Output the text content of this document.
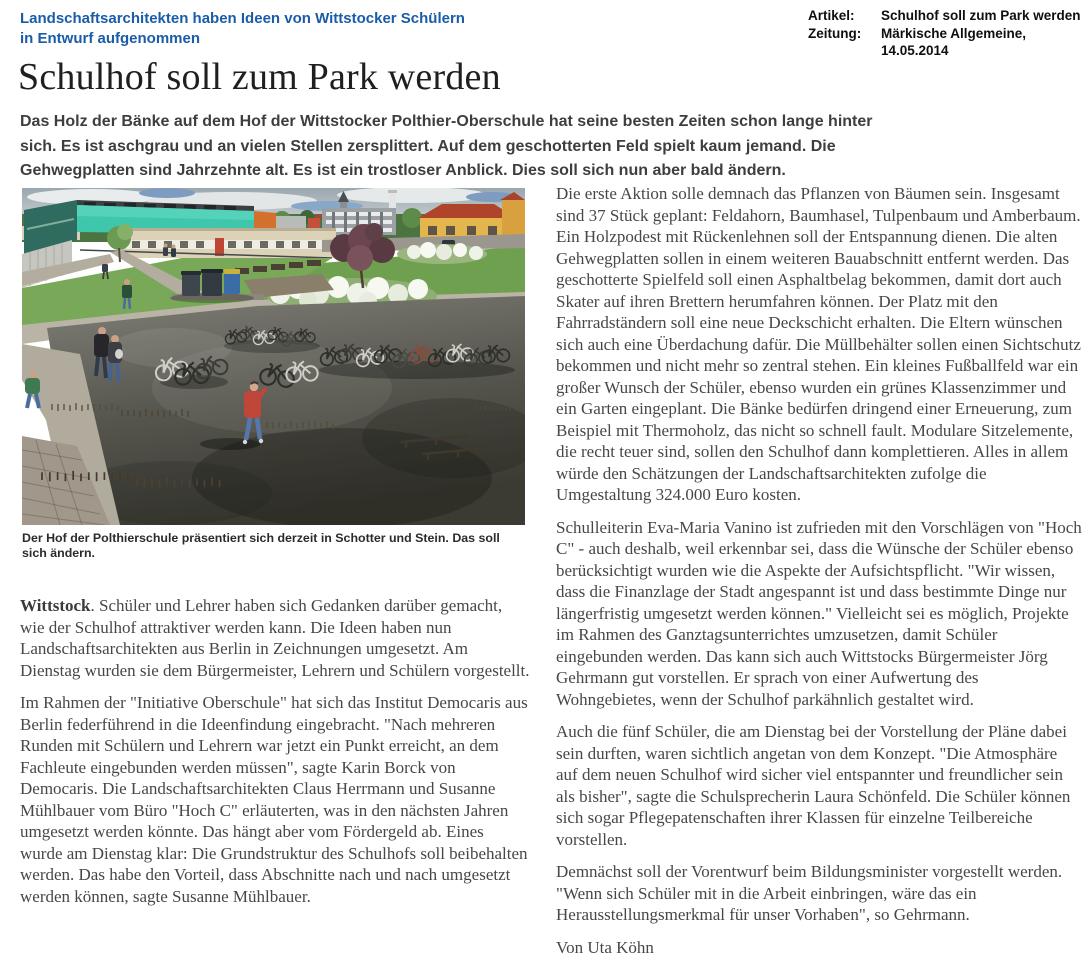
Landschaftsarchitekten haben Ideen von Wittstocker Schülern in Entwurf aufgenommen
Artikel:	Schulhof soll zum Park werden
Zeitung:	Märkische Allgemeine, 14.05.2014
Schulhof soll zum Park werden

Das Holz der Bänke auf dem Hof der Wittstocker Polthier-Oberschule hat seine besten Zeiten schon lange hinter sich. Es ist aschgrau und an vielen Stellen zersplittert. Auf dem geschotterten Feld spielt kaum jemand. Die Gehwegplatten sind Jahrzehnte alt. Es ist ein trostloser Anblick. Dies soll sich nun aber bald ändern.

Der Hof der Polthierschule präsentiert sich derzeit in Schotter und Stein. Das soll sich ändern.

Wittstock. Schüler und Lehrer haben sich Gedanken darüber gemacht, wie der Schulhof attraktiver werden kann. Die Ideen haben nun Landschaftsarchitekten aus Berlin in Zeichnungen umgesetzt. Am Dienstag wurden sie dem Bürgermeister, Lehrern und Schülern vorgestellt.

Im Rahmen der "Initiative Oberschule" hat sich das Institut Democaris aus Berlin federführend in die Ideenfindung eingebracht. "Nach mehreren Runden mit Schülern und Lehrern war jetzt ein Punkt erreicht, an dem Fachleute eingebunden werden müssen", sagte Karin Borck von Democaris. Die Landschaftsarchitekten Claus Herrmann und Susanne Mühlbauer vom Büro "Hoch C" erläuterten, was in den nächsten Jahren umgesetzt werden könnte. Das hängt aber vom Fördergeld ab. Eines wurde am Dienstag klar: Die Grundstruktur des Schulhofs soll beibehalten werden. Das habe den Vorteil, dass Abschnitte nach und nach umgesetzt werden können, sagte Susanne Mühlbauer.

Die erste Aktion solle demnach das Pflanzen von Bäumen sein. Insgesamt sind 37 Stück geplant: Feldahorn, Baumhasel, Tulpenbaum und Amberbaum. Ein Holzpodest mit Rückenlehnen soll der Entspannung dienen. Die alten Gehwegplatten sollen in einem weiteren Bauabschnitt entfernt werden. Das geschotterte Spielfeld soll einen Asphaltbelag bekommen, damit dort auch Skater auf ihren Brettern herumfahren können. Der Platz mit den Fahrradständern soll eine neue Deckschicht erhalten. Die Eltern wünschen sich auch eine Überdachung dafür. Die Müllbehälter sollen einen Sichtschutz bekommen und nicht mehr so zentral stehen. Ein kleines Fußballfeld war ein großer Wunsch der Schüler, ebenso wurden ein grünes Klassenzimmer und ein Garten eingeplant. Die Bänke bedürfen dringend einer Erneuerung, zum Beispiel mit Thermoholz, das nicht so schnell fault. Modulare Sitzelemente, die recht teuer sind, sollen den Schulhof dann komplettieren. Alles in allem würde den Schätzungen der Landschaftsarchitekten zufolge die Umgestaltung 324.000 Euro kosten.

Schulleiterin Eva-Maria Vanino ist zufrieden mit den Vorschlägen von "Hoch C" - auch deshalb, weil erkennbar sei, dass die Wünsche der Schüler ebenso berücksichtigt wurden wie die Aspekte der Aufsichtspflicht. "Wir wissen, dass die Finanzlage der Stadt angespannt ist und dass bestimmte Dinge nur längerfristig umgesetzt werden können." Vielleicht sei es möglich, Projekte im Rahmen des Ganztagsunterrichtes umzusetzen, damit Schüler eingebunden werden. Das kann sich auch Wittstocks Bürgermeister Jörg Gehrmann gut vorstellen. Er sprach von einer Aufwertung des Wohngebietes, wenn der Schulhof parkähnlich gestaltet wird.

Auch die fünf Schüler, die am Dienstag bei der Vorstellung der Pläne dabei sein durften, waren sichtlich angetan von dem Konzept. "Die Atmosphäre auf dem neuen Schulhof wird sicher viel entspannter und freundlicher sein als bisher", sagte die Schulsprecherin Laura Schönfeld. Die Schüler können sich sogar Pflegepatenschaften ihrer Klassen für einzelne Teilbereiche vorstellen.

Demnächst soll der Vorentwurf beim Bildungsminister vorgestellt werden. "Wenn sich Schüler mit in die Arbeit einbringen, wäre das ein Herausstellungsmerkmal für unser Vorhaben", so Gehrmann.

Von Uta Köhn
